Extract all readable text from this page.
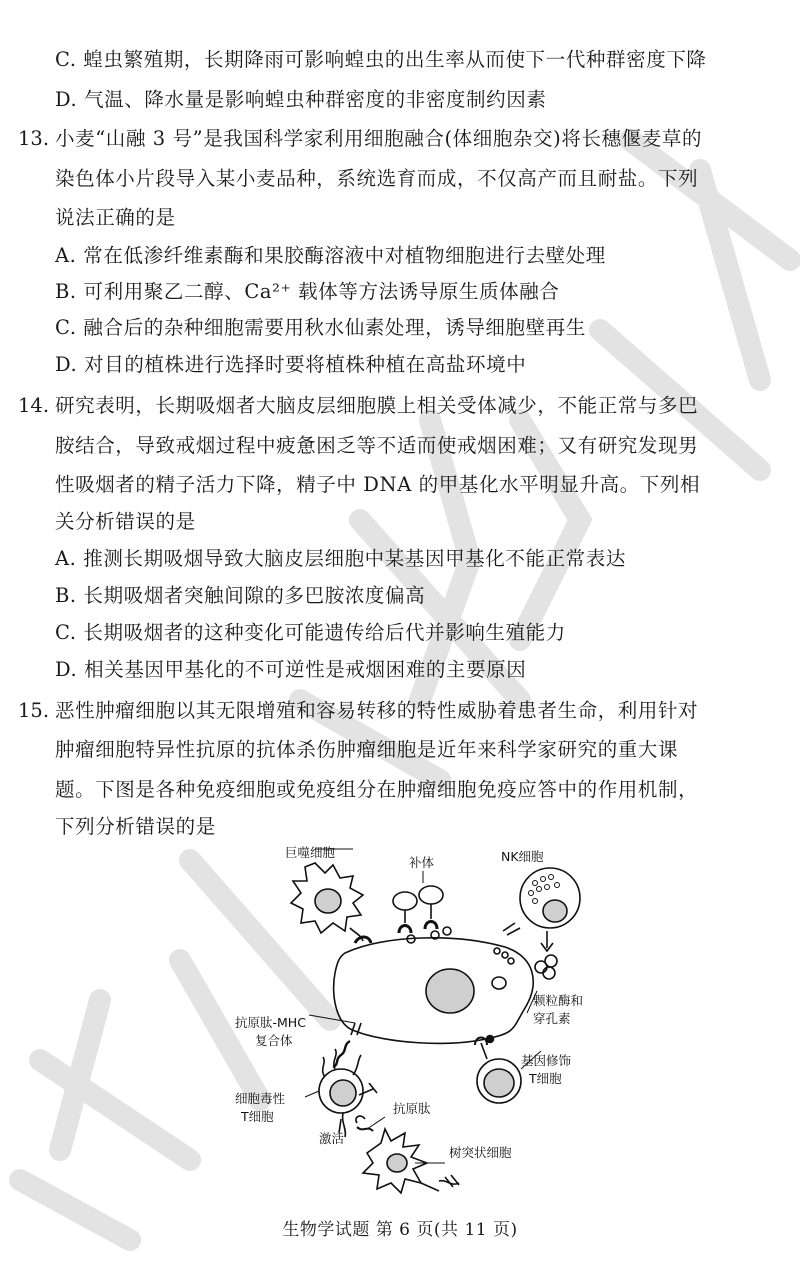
C. 蝗虫繁殖期，长期降雨可影响蝗虫的出生率从而使下一代种群密度下降
D. 气温、降水量是影响蝗虫种群密度的非密度制约因素
13. 小麦“山融 3 号”是我国科学家利用细胞融合(体细胞杂交)将长穗偃麦草的
染色体小片段导入某小麦品种，系统选育而成，不仅高产而且耐盐。下列
说法正确的是
A. 常在低渗纤维素酶和果胶酶溶液中对植物细胞进行去壁处理
B. 可利用聚乙二醇、Ca²⁺ 载体等方法诱导原生质体融合
C. 融合后的杂种细胞需要用秋水仙素处理，诱导细胞壁再生
D. 对目的植株进行选择时要将植株种植在高盐环境中
14. 研究表明，长期吸烟者大脑皮层细胞膜上相关受体减少，不能正常与多巴
胺结合，导致戒烟过程中疲惫困乏等不适而使戒烟困难；又有研究发现男
性吸烟者的精子活力下降，精子中 DNA 的甲基化水平明显升高。下列相
关分析错误的是
A. 推测长期吸烟导致大脑皮层细胞中某基因甲基化不能正常表达
B. 长期吸烟者突触间隙的多巴胺浓度偏高
C. 长期吸烟者的这种变化可能遗传给后代并影响生殖能力
D. 相关基因甲基化的不可逆性是戒烟困难的主要原因
15. 恶性肿瘤细胞以其无限增殖和容易转移的特性威胁着患者生命，利用针对
肿瘤细胞特异性抗原的抗体杀伤肿瘤细胞是近年来科学家研究的重大课
题。下图是各种免疫细胞或免疫组分在肿瘤细胞免疫应答中的作用机制，
下列分析错误的是
巨噬细胞
补体	NK细胞
颗粒酶和
穿孔素
抗原肽-MHC
复合体
基因修饰
T细胞
细胞毒性
T细胞
抗原肽
激活
树突状细胞
生物学试题 第 6 页(共 11 页)
